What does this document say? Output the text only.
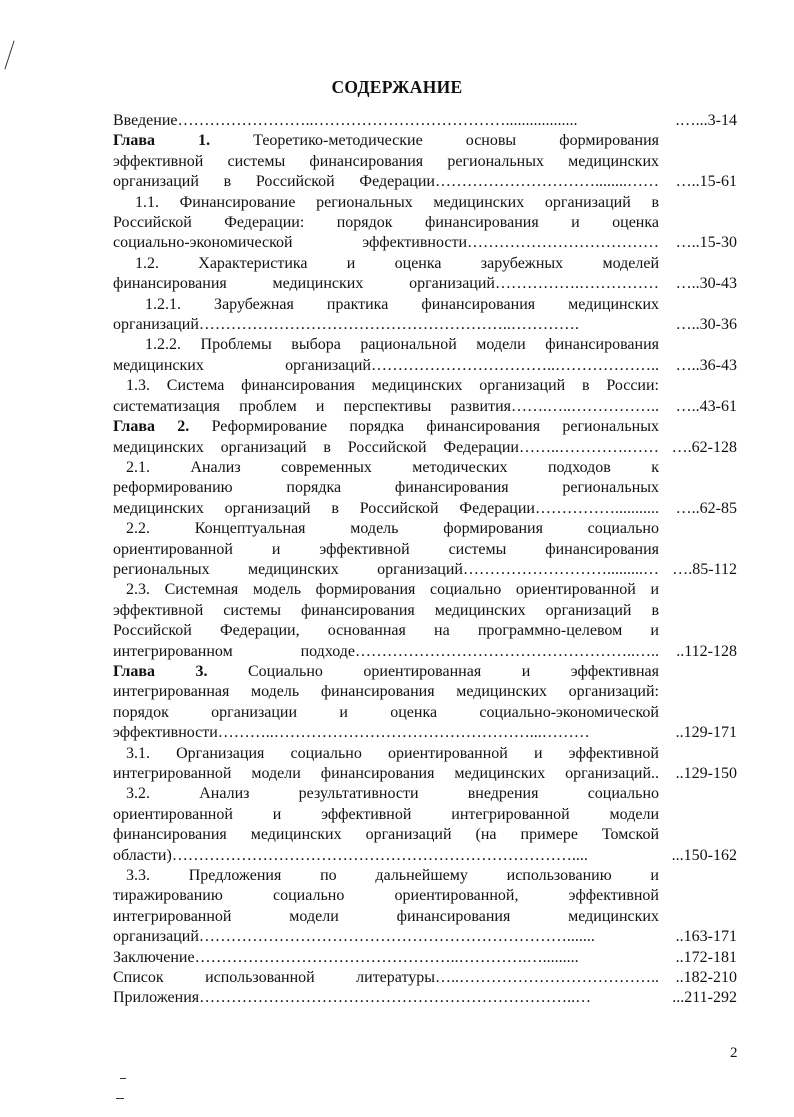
СОДЕРЖАНИЕ
Введение……………………..………………………………..................	.…...3-14
Глава 1. Теоретико-методические основы формирования
эффективной системы финансирования региональных медицинских
организаций в Российской Федерации…………………………........……	…..15-61
1.1. Финансирование региональных медицинских организаций в
Российской Федерации: порядок финансирования и оценка
социально-экономической эффективности………………………………	…..15-30
1.2. Характеристика и оценка зарубежных моделей
финансирования медицинских организаций…………….……………	…..30-43
1.2.1. Зарубежная практика финансирования медицинских
организаций…………………………………………………..………….	…..30-36
1.2.2. Проблемы выбора рациональной модели финансирования
медицинских организаций……………………………..………………..	…..36-43
1.3. Система финансирования медицинских организаций в России:
систематизация проблем и перспективы развития…….…..……………..	…..43-61
Глава 2. Реформирование порядка финансирования региональных
медицинских организаций в Российской Федерации……..………….…… ….62-128
2.1. Анализ современных методических подходов к
реформированию порядка финансирования региональных
медицинских организаций в Российской Федерации……………...........	…..62-85
2.2. Концептуальная модель формирования социально
ориентированной и эффективной системы финансирования
региональных медицинских организаций……………………….........… ….85-112
2.3. Системная модель формирования социально ориентированной и
эффективной системы финансирования медицинских организаций в
Российской Федерации, основанная на программно-целевом и
интегрированном подходе……………………………………………..…..	..112-128
Глава 3. Социально ориентированная и эффективная
интегрированная модель финансирования медицинских организаций:
порядок организации и оценка социально-экономической
эффективности………..…………………………………………...………	..129-171
3.1. Организация социально ориентированной и эффективной
интегрированной модели финансирования медицинских организаций..	..129-150
3.2. Анализ результативности внедрения социально
ориентированной и эффективной интегрированной модели
финансирования медицинских организаций (на примере Томской
области)…………………………………………………………………....	...150-162
3.3. Предложения по дальнейшему использованию и
тиражированию социально ориентированной, эффективной
интегрированной модели финансирования медицинских
организаций…………………………………………………………….......	..163-171
Заключение…………………………………………..………….….........	..172-181
Список использованной литературы…..………………………………..	..182-210
Приложения……………………………………………………………..…	...211-292
2
